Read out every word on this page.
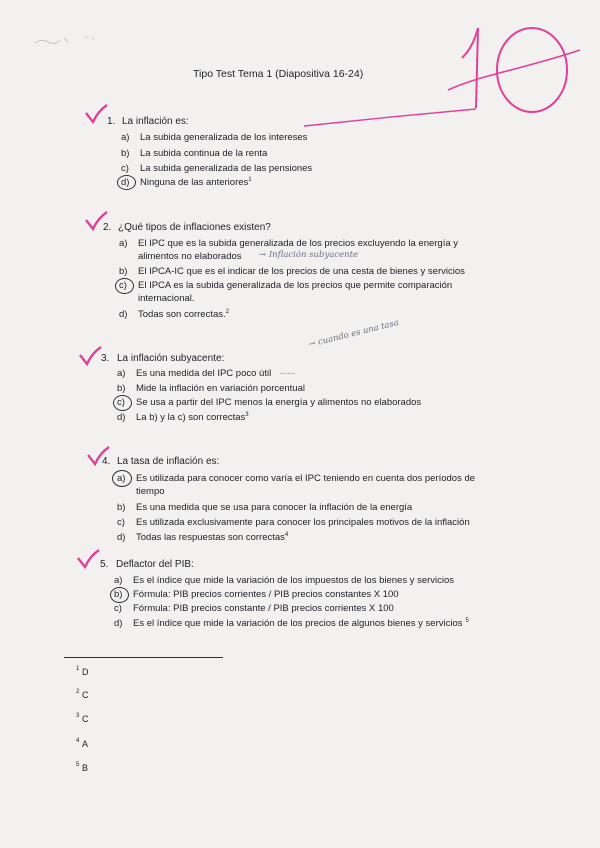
Tipo Test Tema 1 (Diapositiva 16-24)
1. La inflación es:
a) La subida generalizada de los intereses
b) La subida continua de la renta
c) La subida generalizada de las pensiones
d) Ninguna de las anteriores$^1$
2. ¿Qué tipos de inflaciones existen?
a) El IPC que es la subida generalizada de los precios excluyendo la energía y
alimentos no elaborados → Inflación subyacente
b) El IPCA-IC que es el indicar de los precios de una cesta de bienes y servicios
c) El IPCA es la subida generalizada de los precios que permite comparación
internacional.
d) Todas son correctas.$^2$
3. La inflación subyacente:
a) Es una medida del IPC poco útil ......
→ cuando es una tasa
b) Mide la inflación en variación porcentual
c) Se usa a partir del IPC menos la energía y alimentos no elaborados
d) La b) y la c) son correctas$^3$
4. La tasa de inflación es:
a) Es utilizada para conocer como varía el IPC teniendo en cuenta dos períodos de
tiempo
b) Es una medida que se usa para conocer la inflación de la energía
c) Es utilizada exclusivamente para conocer los principales motivos de la inflación
d) Todas las respuestas son correctas$^4$
5. Deflactor del PIB:
a) Es el índice que mide la variación de los impuestos de los bienes y servicios
b) Fórmula: PIB precios corrientes / PIB precios constantes X 100
c) Fórmula: PIB precios constante / PIB precios corrientes X 100
d) Es el índice que mide la variación de los precios de algunos bienes y servicios $^5$
1 D
2 C
3 C
4 A
5 B
